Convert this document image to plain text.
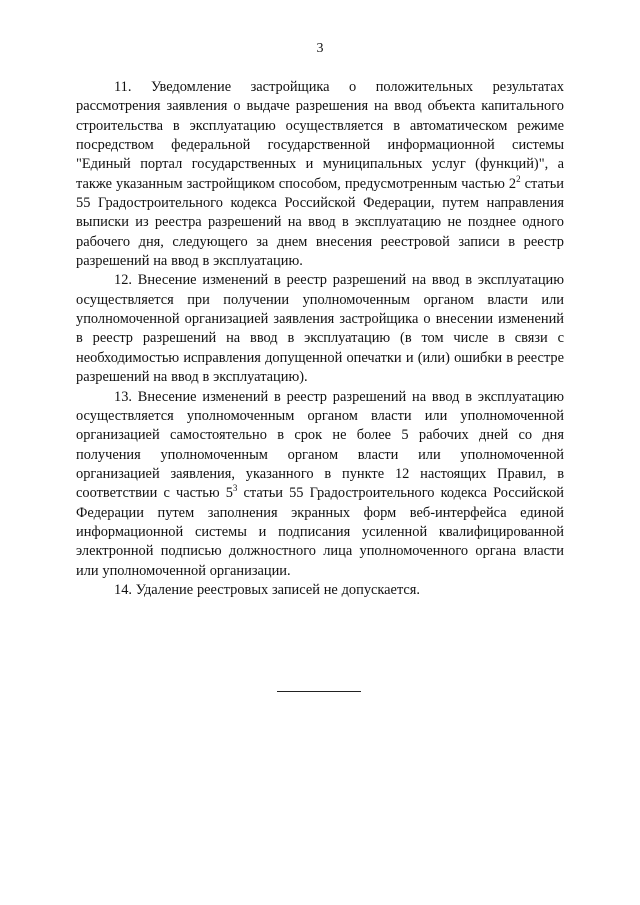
3

11. Уведомление застройщика о положительных результатах рассмотрения заявления о выдаче разрешения на ввод объекта капитального строительства в эксплуатацию осуществляется в автоматическом режиме посредством федеральной государственной информационной системы "Единый портал государственных и муниципальных услуг (функций)", а также указанным застройщиком способом, предусмотренным частью $2^2$ статьи 55 Градостроительного кодекса Российской Федерации, путем направления выписки из реестра разрешений на ввод в эксплуатацию не позднее одного рабочего дня, следующего за днем внесения реестровой записи в реестр разрешений на ввод в эксплуатацию.

12. Внесение изменений в реестр разрешений на ввод в эксплуатацию осуществляется при получении уполномоченным органом власти или уполномоченной организацией заявления застройщика о внесении изменений в реестр разрешений на ввод в эксплуатацию (в том числе в связи с необходимостью исправления допущенной опечатки и (или) ошибки в реестре разрешений на ввод в эксплуатацию).

13. Внесение изменений в реестр разрешений на ввод в эксплуатацию осуществляется уполномоченным органом власти или уполномоченной организацией самостоятельно в срок не более 5 рабочих дней со дня получения уполномоченным органом власти или уполномоченной организацией заявления, указанного в пункте 12 настоящих Правил, в соответствии с частью $5^3$ статьи 55 Градостроительного кодекса Российской Федерации путем заполнения экранных форм веб-интерфейса единой информационной системы и подписания усиленной квалифицированной электронной подписью должностного лица уполномоченного органа власти или уполномоченной организации.

14. Удаление реестровых записей не допускается.
